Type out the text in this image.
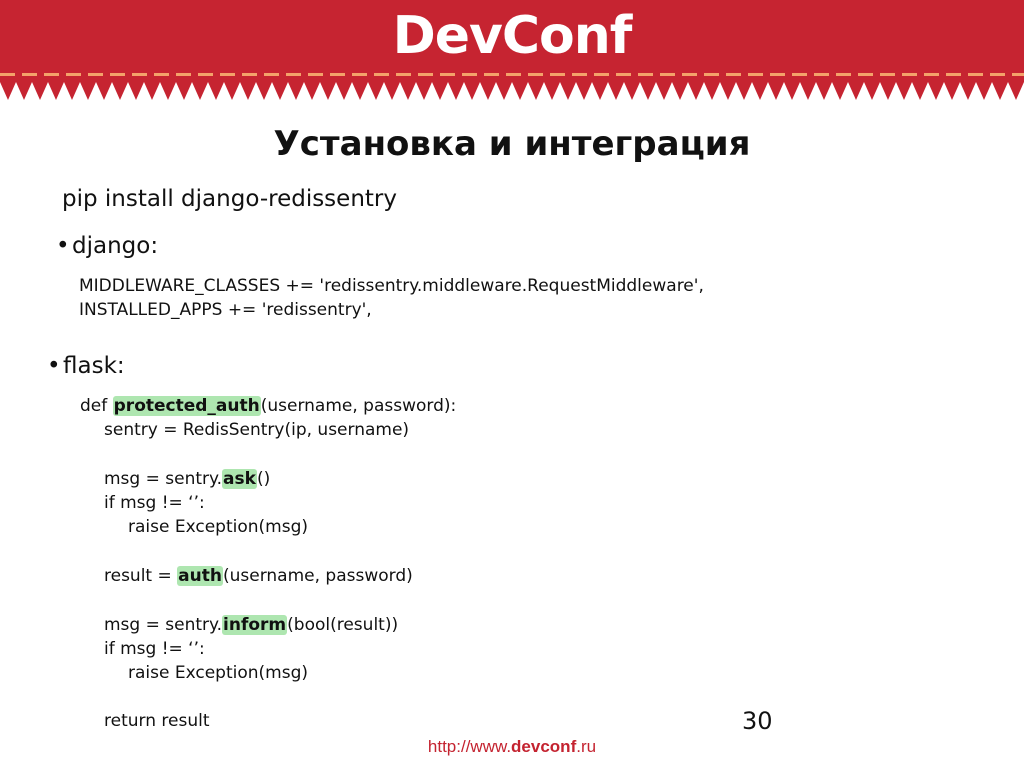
DevConf
Установка и интеграция
pip install django-redissentry
• django:
MIDDLEWARE_CLASSES += 'redissentry.middleware.RequestMiddleware',
INSTALLED_APPS += 'redissentry',
• flask:
def protected_auth(username, password):
sentry = RedisSentry(ip, username)
msg = sentry.ask()
if msg != ‘’:
raise Exception(msg)
result = auth(username, password)
msg = sentry.inform(bool(result))
if msg != ‘’:
raise Exception(msg)
return result	30
http://www.devconf.ru
